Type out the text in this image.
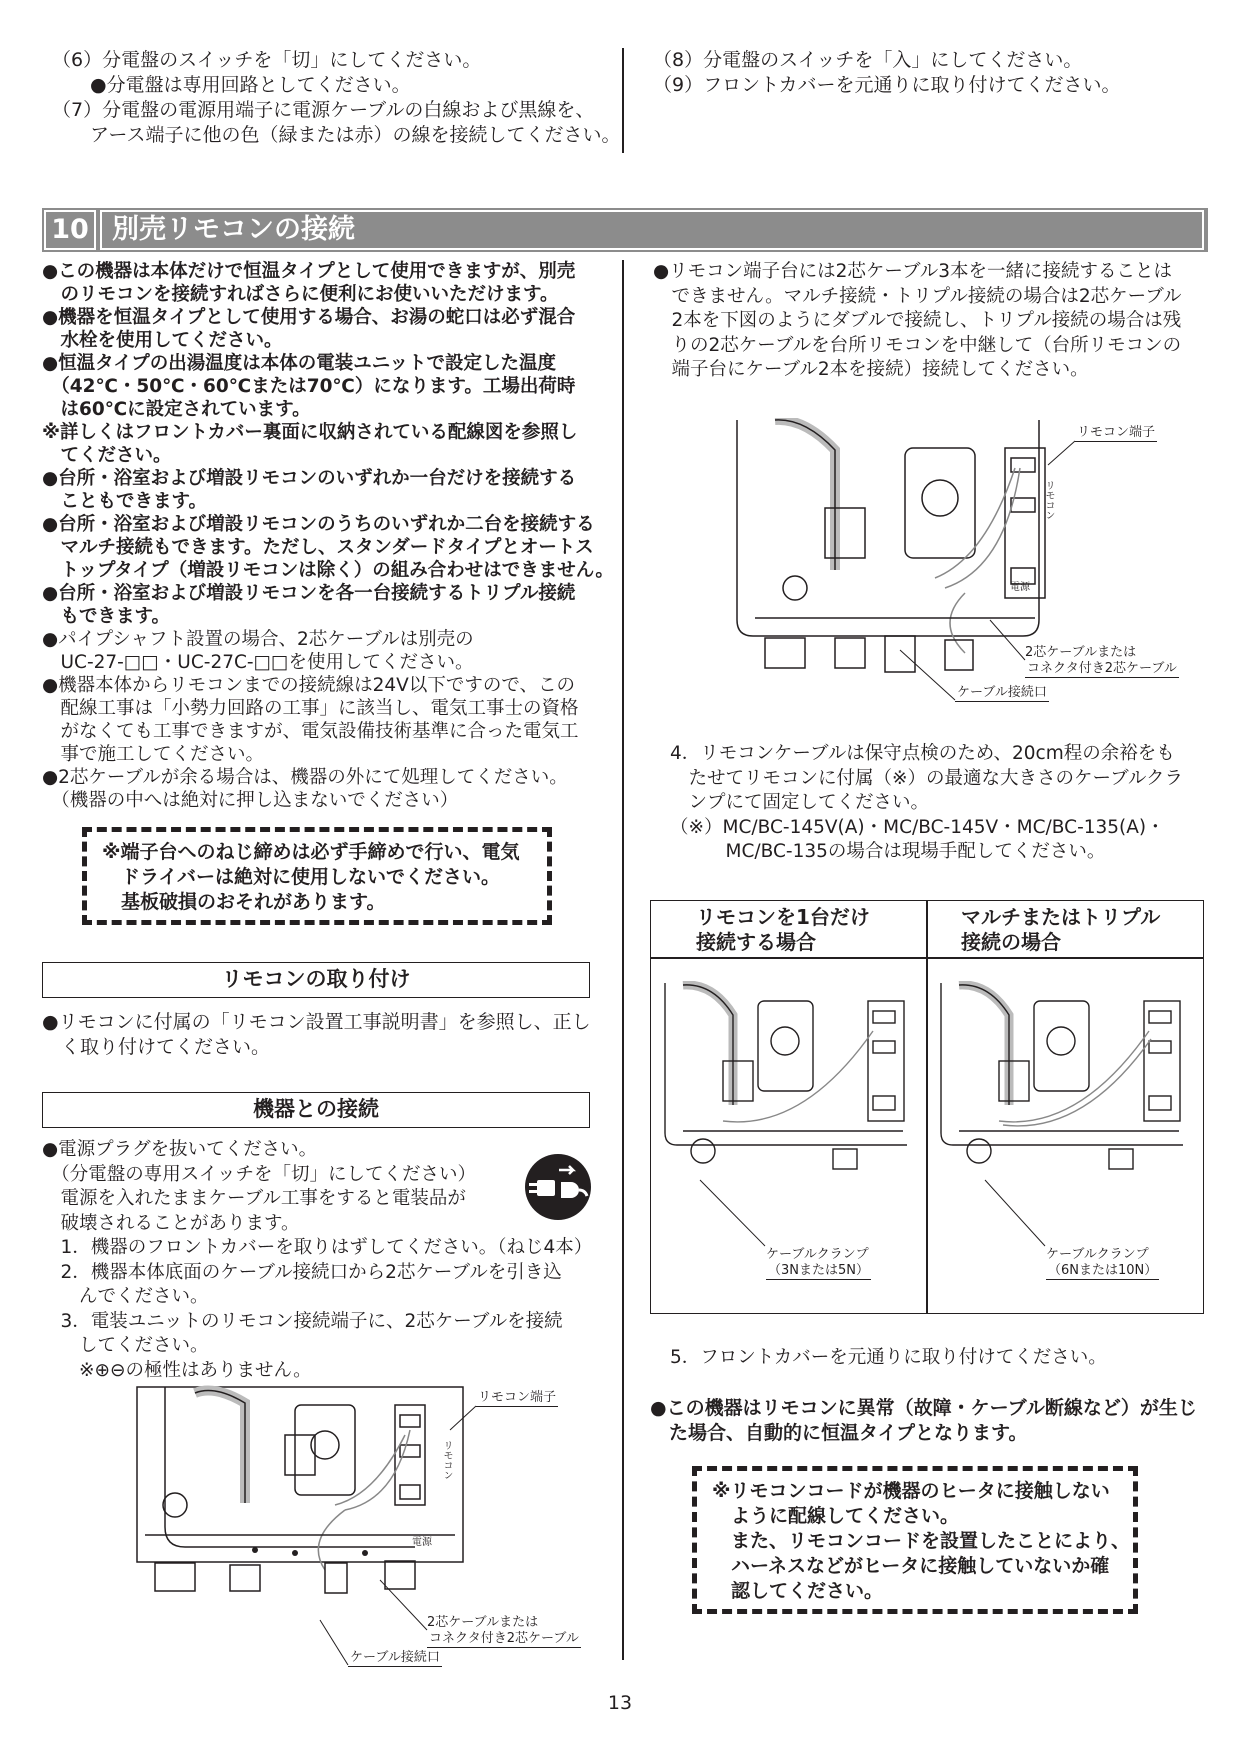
（6）分電盤のスイッチを「切」にしてください。
　　●分電盤は専用回路としてください。
（7）分電盤の電源用端子に電源ケーブルの白線および黒線を、
　　アース端子に他の色（緑または赤）の線を接続してください。
（8）分電盤のスイッチを「入」にしてください。
（9）フロントカバーを元通りに取り付けてください。
10 別売リモコンの接続
●この機器は本体だけで恒温タイプとして使用できますが、別売
　のリモコンを接続すればさらに便利にお使いいただけます。
●機器を恒温タイプとして使用する場合、お湯の蛇口は必ず混合
　水栓を使用してください。
●恒温タイプの出湯温度は本体の電装ユニットで設定した温度
　（42℃・50℃・60℃または70℃）になります。工場出荷時
　は60℃に設定されています。
※詳しくはフロントカバー裏面に収納されている配線図を参照し
　てください。
●台所・浴室および増設リモコンのいずれか一台だけを接続する
　こともできます。
●台所・浴室および増設リモコンのうちのいずれか二台を接続する
　マルチ接続もできます。ただし、スタンダードタイプとオートス
　トップタイプ（増設リモコンは除く）の組み合わせはできません。
●台所・浴室および増設リモコンを各一台接続するトリプル接続
　もできます。
●パイプシャフト設置の場合、2芯ケーブルは別売の
　UC-27-□□・UC-27C-□□を使用してください。
●機器本体からリモコンまでの接続線は24V以下ですので、この
　配線工事は「小勢力回路の工事」に該当し、電気工事士の資格
　がなくても工事できますが、電気設備技術基準に合った電気工
　事で施工してください。
●2芯ケーブルが余る場合は、機器の外にて処理してください。
　（機器の中へは絶対に押し込まないでください）
※端子台へのねじ締めは必ず手締めで行い、電気
　ドライバーは絶対に使用しないでください。
　基板破損のおそれがあります。
リモコンの取り付け
●リモコンに付属の「リモコン設置工事説明書」を参照し、正し
　く取り付けてください。
機器との接続
●電源プラグを抜いてください。
　（分電盤の専用スイッチを「切」にしてください）
　電源を入れたままケーブル工事をすると電装品が
　破壊されることがあります。
　1．機器のフロントカバーを取りはずしてください。（ねじ4本）
　2．機器本体底面のケーブル接続口から2芯ケーブルを引き込
　　んでください。
　3．電装ユニットのリモコン接続端子に、2芯ケーブルを接続
　　してください。
　　※⊕⊖の極性はありません。
リモコン端子
リモコン
電源
2芯ケーブルまたは
コネクタ付き2芯ケーブル
ケーブル接続口
●リモコン端子台には2芯ケーブル3本を一緒に接続することは
　できません。マルチ接続・トリプル接続の場合は2芯ケーブル
　2本を下図のようにダブルで接続し、トリプル接続の場合は残
　りの2芯ケーブルを台所リモコンを中継して（台所リモコンの
　端子台にケーブル2本を接続）接続してください。
リモコン端子
リモコン
電源
2芯ケーブルまたは
コネクタ付き2芯ケーブル
ケーブル接続口
4．リモコンケーブルは保守点検のため、20cm程の余裕をも
　たせてリモコンに付属（※）の最適な大きさのケーブルクラ
　ンプにて固定してください。
（※）MC/BC-145V(A)・MC/BC-145V・MC/BC-135(A)・
　　　MC/BC-135の場合は現場手配してください。
リモコンを1台だけ
接続する場合
マルチまたはトリプル
接続の場合
ケーブルクランプ
（3Nまたは5N）
ケーブルクランプ
（6Nまたは10N）
5．フロントカバーを元通りに取り付けてください。
●この機器はリモコンに異常（故障・ケーブル断線など）が生じ
　た場合、自動的に恒温タイプとなります。
※リモコンコードが機器のヒータに接触しない
　ように配線してください。
　また、リモコンコードを設置したことにより、
　ハーネスなどがヒータに接触していないか確
　認してください。
13
